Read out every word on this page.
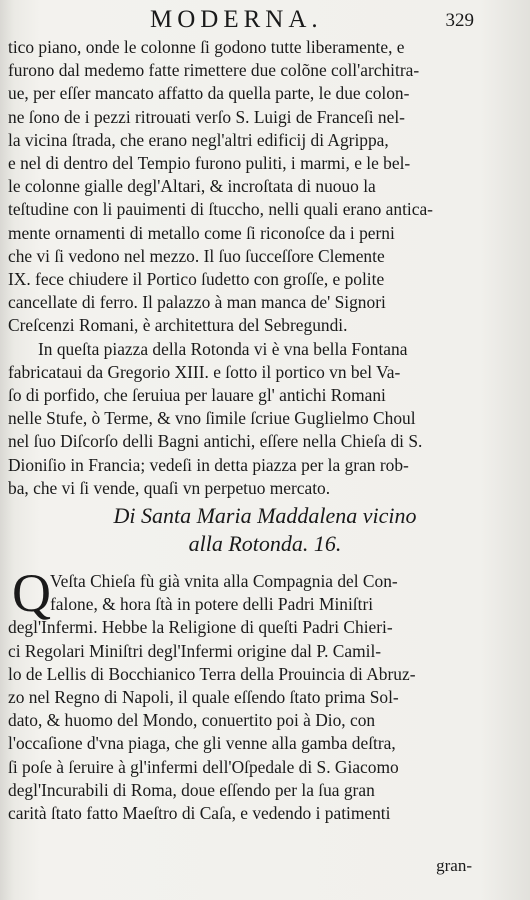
MODERNA.	329

tico piano, onde le colonne ſi godono tutte liberamente, e
furono dal medemo fatte rimettere due colõne coll'architra-
ue, per eſſer mancato affatto da quella parte, le due colon-
ne ſono de i pezzi ritrouati verſo S. Luigi de Franceſi nel-
la vicina ſtrada, che erano negl'altri edificij di Agrippa,
e nel di dentro del Tempio furono puliti, i marmi, e le bel-
le colonne gialle degl'Altari, & incroſtata di nuouo la
teſtudine con li pauimenti di ſtuccho, nelli quali erano antica-
mente ornamenti di metallo come ſi riconoſce da i perni
che vi ſi vedono nel mezzo. Il ſuo ſucceſſore Clemente
IX. fece chiudere il Portico ſudetto con groſſe, e polite
cancellate di ferro. Il palazzo à man manca de' Signori
Creſcenzi Romani, è architettura del Sebregundi.

In queſta piazza della Rotonda vi è vna bella Fontana
fabricataui da Gregorio XIII. e ſotto il portico vn bel Va-
ſo di porfido, che ſeruiua per lauare gl' antichi Romani
nelle Stufe, ò Terme, & vno ſimile ſcriue Guglielmo Choul
nel ſuo Diſcorſo delli Bagni antichi, eſſere nella Chieſa di S.
Dioniſio in Francia; vedeſi in detta piazza per la gran rob-
ba, che vi ſi vende, quaſi vn perpetuo mercato.

Di Santa Maria Maddalena vicino
alla Rotonda. 16.
Q Veſta Chieſa fù già vnita alla Compagnia del Con-
falone, & hora ſtà in potere delli Padri Miniſtri
degl'Infermi. Hebbe la Religione di queſti Padri Chieri-
ci Regolari Miniſtri degl'Infermi origine dal P. Camil-
lo de Lellis di Bocchianico Terra della Prouincia di Abruz-
zo nel Regno di Napoli, il quale eſſendo ſtato prima Sol-
dato, & huomo del Mondo, conuertito poi à Dio, con
l'occaſione d'vna piaga, che gli venne alla gamba deſtra,
ſi poſe à ſeruire à gl'infermi dell'Oſpedale di S. Giacomo
degl'Incurabili di Roma, doue eſſendo per la ſua gran
carità ſtato fatto Maeſtro di Caſa, e vedendo i patimenti

gran-
